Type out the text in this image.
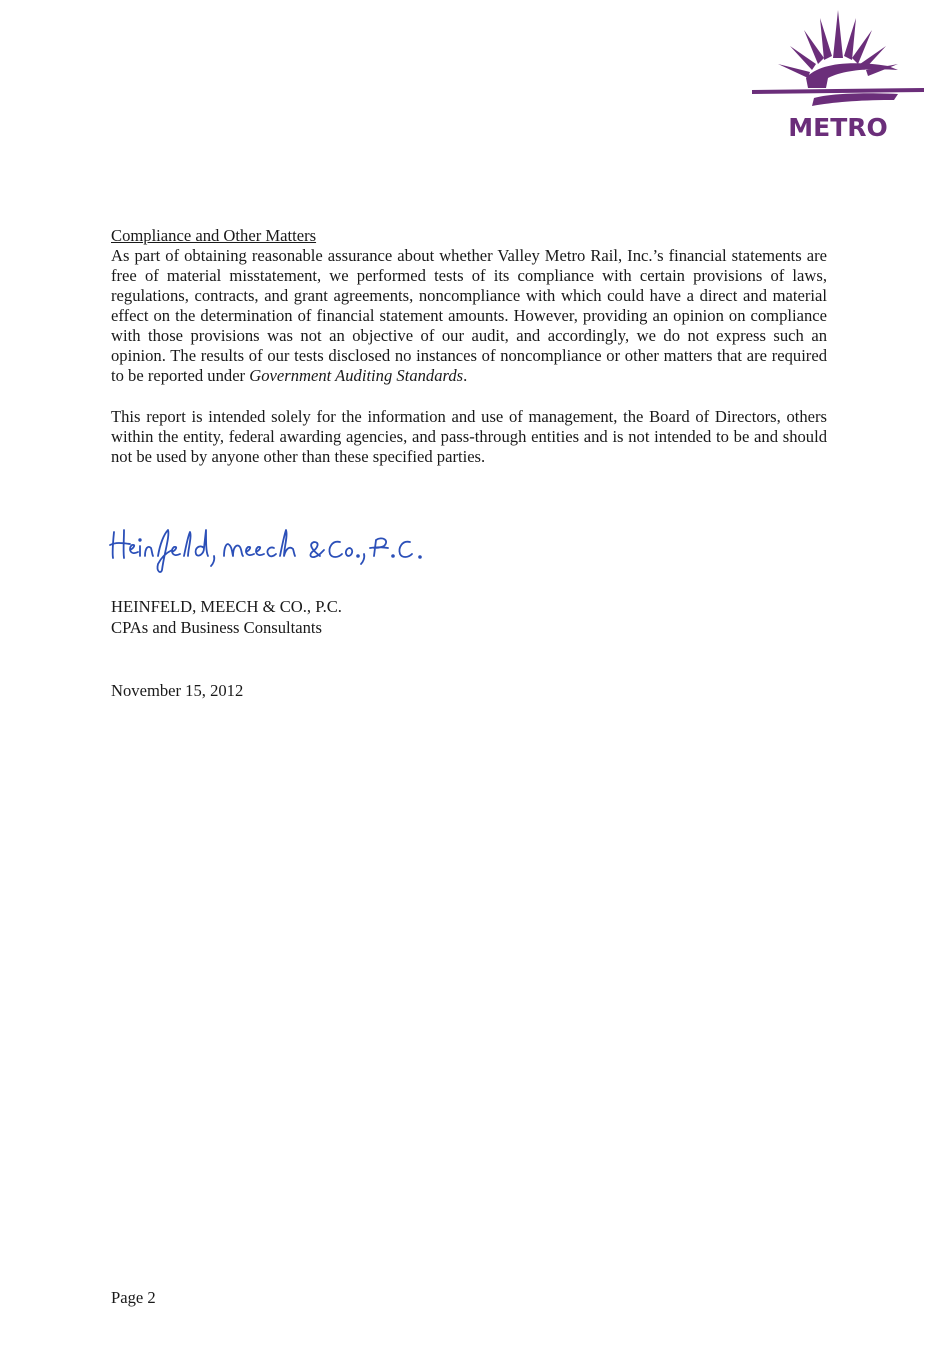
METRO
Compliance and Other Matters

As part of obtaining reasonable assurance about whether Valley Metro Rail, Inc.’s financial statements are free of material misstatement, we performed tests of its compliance with certain provisions of laws, regulations, contracts, and grant agreements, noncompliance with which could have a direct and material effect on the determination of financial statement amounts. However, providing an opinion on compliance with those provisions was not an objective of our audit, and accordingly, we do not express such an opinion. The results of our tests disclosed no instances of noncompliance or other matters that are required to be reported under Government Auditing Standards.

This report is intended solely for the information and use of management, the Board of Directors, others within the entity, federal awarding agencies, and pass-through entities and is not intended to be and should not be used by anyone other than these specified parties.

HEINFELD, MEECH & CO., P.C.
CPAs and Business Consultants
November 15, 2012
Page 2
